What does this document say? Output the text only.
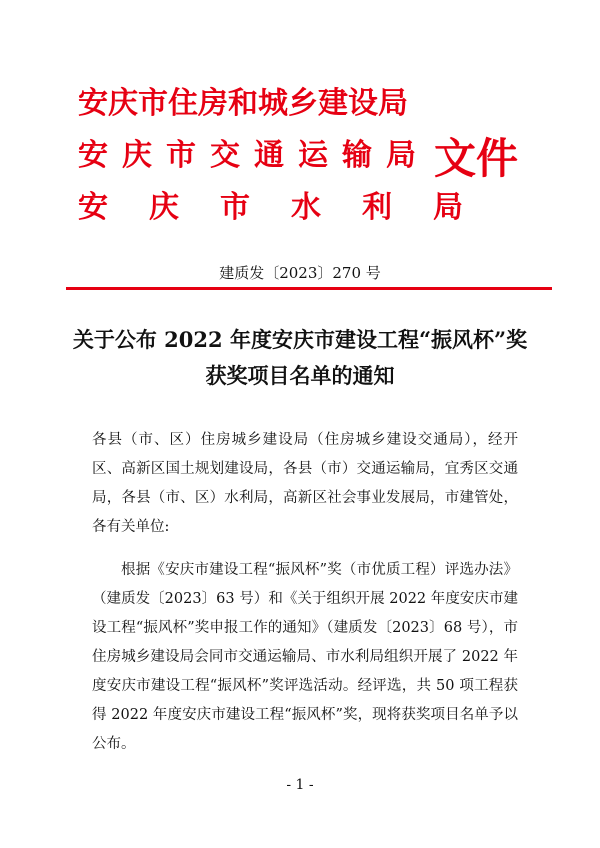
安庆市住房和城乡建设局
安庆市交通运输局
安庆市水利局
文件
建质发〔2023〕270 号
关于公布 2022 年度安庆市建设工程“振风杯”奖获奖项目名单的通知
各县（市、区）住房城乡建设局（住房城乡建设交通局），经开区、高新区国土规划建设局，各县（市）交通运输局，宜秀区交通局，各县（市、区）水利局，高新区社会事业发展局，市建管处，各有关单位:
根据《安庆市建设工程“振风杯”奖（市优质工程）评选办法》（建质发〔2023〕63 号）和《关于组织开展 2022 年度安庆市建设工程“振风杯”奖申报工作的通知》（建质发〔2023〕68 号），市住房城乡建设局会同市交通运输局、市水利局组织开展了 2022 年度安庆市建设工程“振风杯”奖评选活动。经评选，共 50 项工程获得 2022 年度安庆市建设工程“振风杯”奖，现将获奖项目名单予以公布。
- 1 -
